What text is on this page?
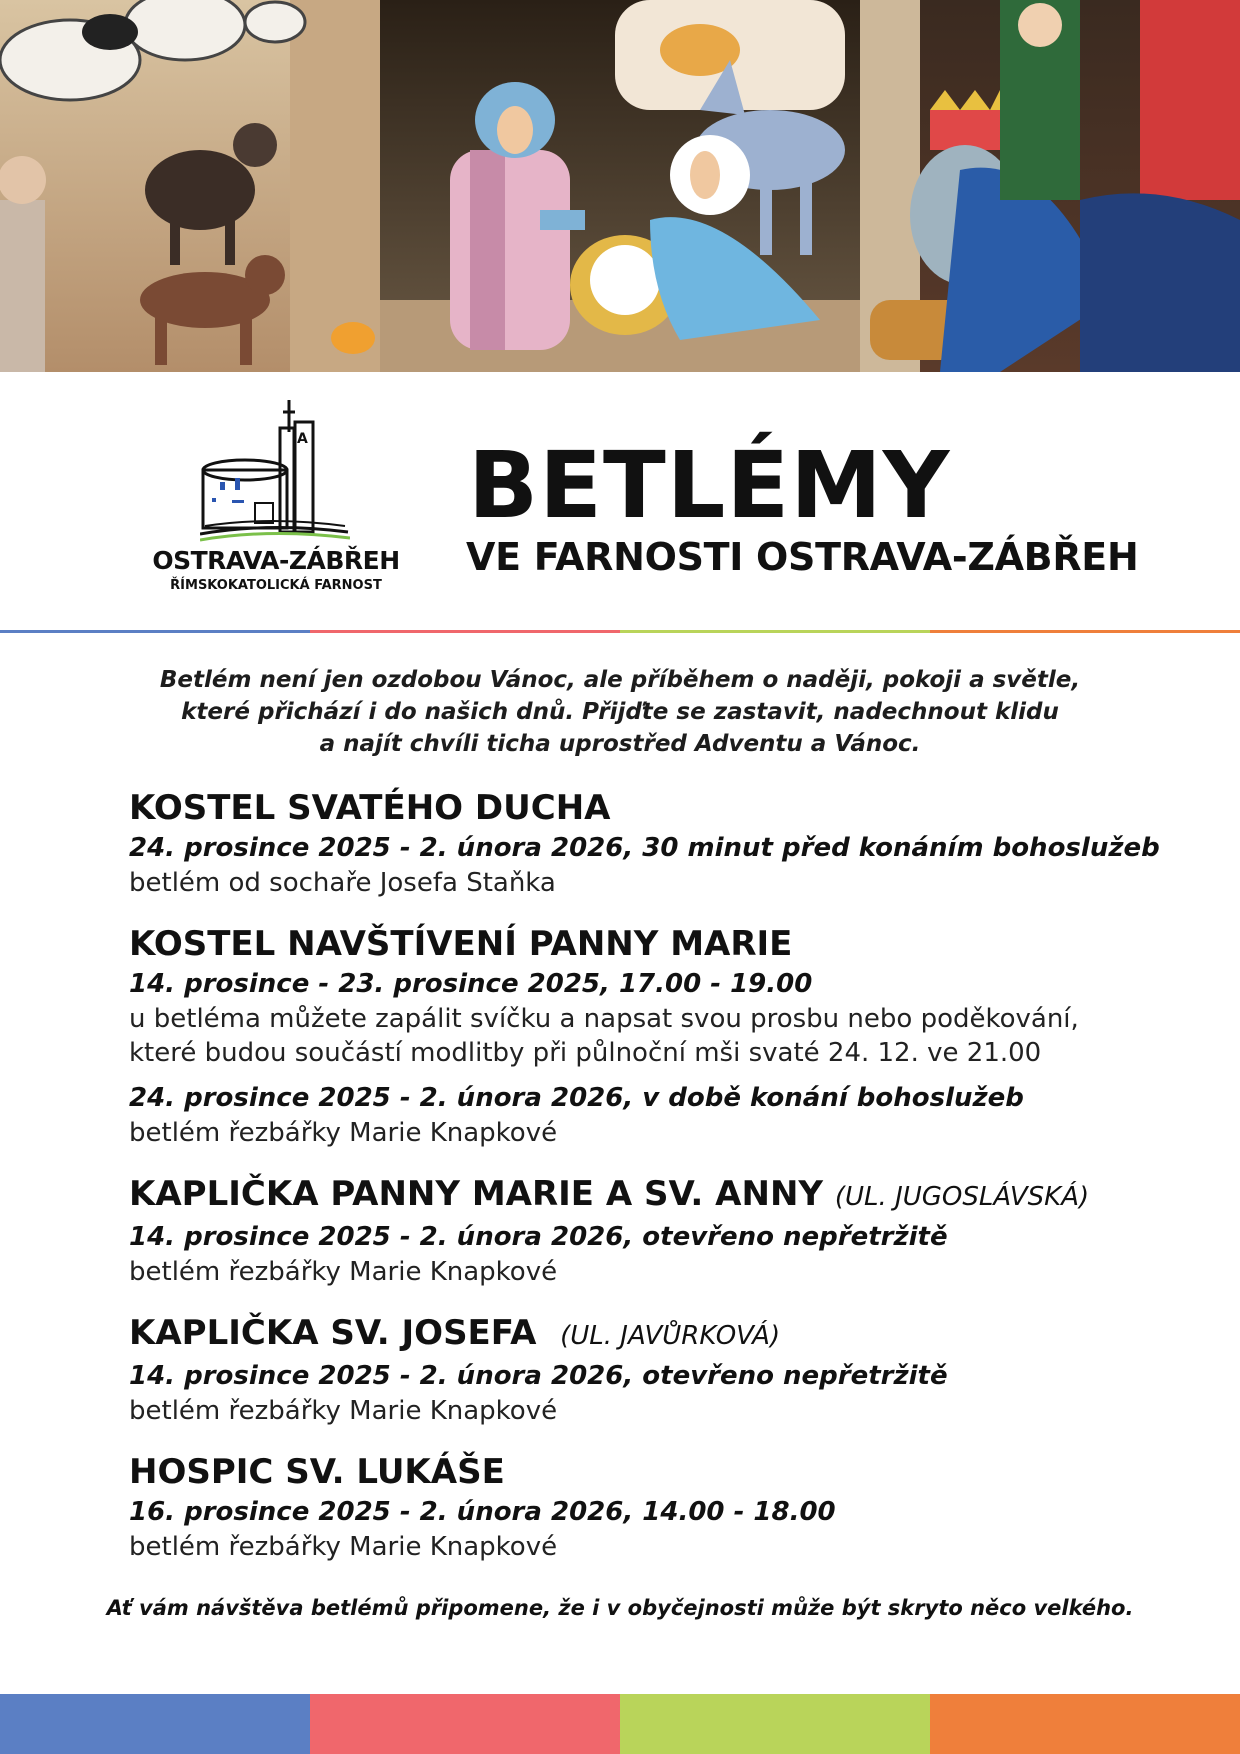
A
OSTRAVA-ZÁBŘEH
ŘÍMSKOKATOLICKÁ FARNOST
BETLÉMY
VE FARNOSTI OSTRAVA-ZÁBŘEH
Betlém není jen ozdobou Vánoc, ale příběhem o naději, pokoji a světle,
které přichází i do našich dnů. Přijďte se zastavit, nadechnout klidu
a najít chvíli ticha uprostřed Adventu a Vánoc.
KOSTEL SVATÉHO DUCHA
24. prosince 2025 - 2. února 2026, 30 minut před konáním bohoslužeb
betlém od sochaře Josefa Staňka
KOSTEL NAVŠTÍVENÍ PANNY MARIE
14. prosince - 23. prosince 2025, 17.00 - 19.00
u betléma můžete zapálit svíčku a napsat svou prosbu nebo poděkování,
které budou součástí modlitby při půlnoční mši svaté 24. 12. ve 21.00
24. prosince 2025 - 2. února 2026, v době konání bohoslužeb
betlém řezbářky Marie Knapkové
KAPLIČKA PANNY MARIE A SV. ANNY (UL. JUGOSLÁVSKÁ)
14. prosince 2025 - 2. února 2026, otevřeno nepřetržitě
betlém řezbářky Marie Knapkové
KAPLIČKA SV. JOSEFA (UL. JAVŮRKOVÁ)
14. prosince 2025 - 2. února 2026, otevřeno nepřetržitě
betlém řezbářky Marie Knapkové
HOSPIC SV. LUKÁŠE
16. prosince 2025 - 2. února 2026, 14.00 - 18.00
betlém řezbářky Marie Knapkové
Ať vám návštěva betlémů připomene, že i v obyčejnosti může být skryto něco velkého.
